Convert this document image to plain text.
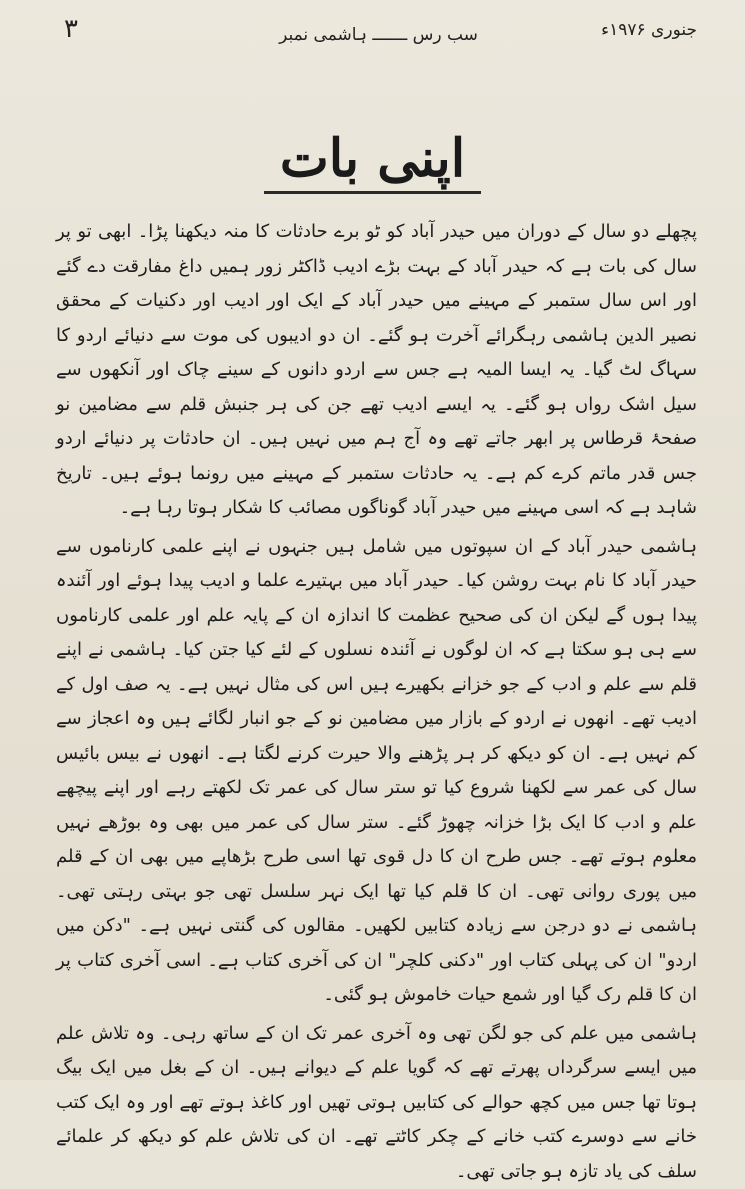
جنوری ۱۹۷۶ء
سب رس ـــــــ ہاشمی نمبر
۳
اپنی بات

پچھلے دو سال کے دوران میں حیدر آباد کو ٹو برے حادثات کا منہ دیکھنا پڑا۔ ابھی تو پر سال کی بات ہے کہ حیدر آباد کے بہت بڑے ادیب ڈاکٹر زور ہمیں داغ مفارقت دے گئے اور اس سال ستمبر کے مہینے میں حیدر آباد کے ایک اور ادیب اور دکنیات کے محقق نصیر الدین ہاشمی رہگرائے آخرت ہو گئے۔ ان دو ادیبوں کی موت سے دنیائے اردو کا سہاگ لٹ گیا۔ یہ ایسا المیہ ہے جس سے اردو دانوں کے سینے چاک اور آنکھوں سے سیل اشک رواں ہو گئے۔ یہ ایسے ادیب تھے جن کی ہر جنبش قلم سے مضامین نو صفحۂ قرطاس پر ابھر جاتے تھے وہ آج ہم میں نہیں ہیں۔ ان حادثات پر دنیائے اردو جس قدر ماتم کرے کم ہے۔ یہ حادثات ستمبر کے مہینے میں رونما ہوئے ہیں۔ تاریخ شاہد ہے کہ اسی مہینے میں حیدر آباد گوناگوں مصائب کا شکار ہوتا رہا ہے۔

ہاشمی حیدر آباد کے ان سپوتوں میں شامل ہیں جنہوں نے اپنے علمی کارناموں سے حیدر آباد کا نام بہت روشن کیا۔ حیدر آباد میں بہتیرے علما و ادیب پیدا ہوئے اور آئندہ پیدا ہوں گے لیکن ان کی صحیح عظمت کا اندازہ ان کے پایہ علم اور علمی کارناموں سے ہی ہو سکتا ہے کہ ان لوگوں نے آئندہ نسلوں کے لئے کیا جتن کیا۔ ہاشمی نے اپنے قلم سے علم و ادب کے جو خزانے بکھیرے ہیں اس کی مثال نہیں ہے۔ یہ صف اول کے ادیب تھے۔ انھوں نے اردو کے بازار میں مضامین نو کے جو انبار لگائے ہیں وہ اعجاز سے کم نہیں ہے۔ ان کو دیکھ کر ہر پڑھنے والا حیرت کرنے لگتا ہے۔ انھوں نے بیس بائیس سال کی عمر سے لکھنا شروع کیا تو ستر سال کی عمر تک لکھتے رہے اور اپنے پیچھے علم و ادب کا ایک بڑا خزانہ چھوڑ گئے۔ ستر سال کی عمر میں بھی وہ بوڑھے نہیں معلوم ہوتے تھے۔ جس طرح ان کا دل قوی تھا اسی طرح بڑھاپے میں بھی ان کے قلم میں پوری روانی تھی۔ ان کا قلم کیا تھا ایک نہر سلسل تھی جو بہتی رہتی تھی۔ ہاشمی نے دو درجن سے زیادہ کتابیں لکھیں۔ مقالوں کی گنتی نہیں ہے۔ "دکن میں اردو" ان کی پہلی کتاب اور "دکنی کلچر" ان کی آخری کتاب ہے۔ اسی آخری کتاب پر ان کا قلم رک گیا اور شمع حیات خاموش ہو گئی۔

ہاشمی میں علم کی جو لگن تھی وہ آخری عمر تک ان کے ساتھ رہی۔ وہ تلاش علم میں ایسے سرگرداں پھرتے تھے کہ گویا علم کے دیوانے ہیں۔ ان کے بغل میں ایک بیگ ہوتا تھا جس میں کچھ حوالے کی کتابیں ہوتی تھیں اور کاغذ ہوتے تھے اور وہ ایک کتب خانے سے دوسرے کتب خانے کے چکر کاٹتے تھے۔ ان کی تلاش علم کو دیکھ کر علمائے سلف کی یاد تازہ ہو جاتی تھی۔
